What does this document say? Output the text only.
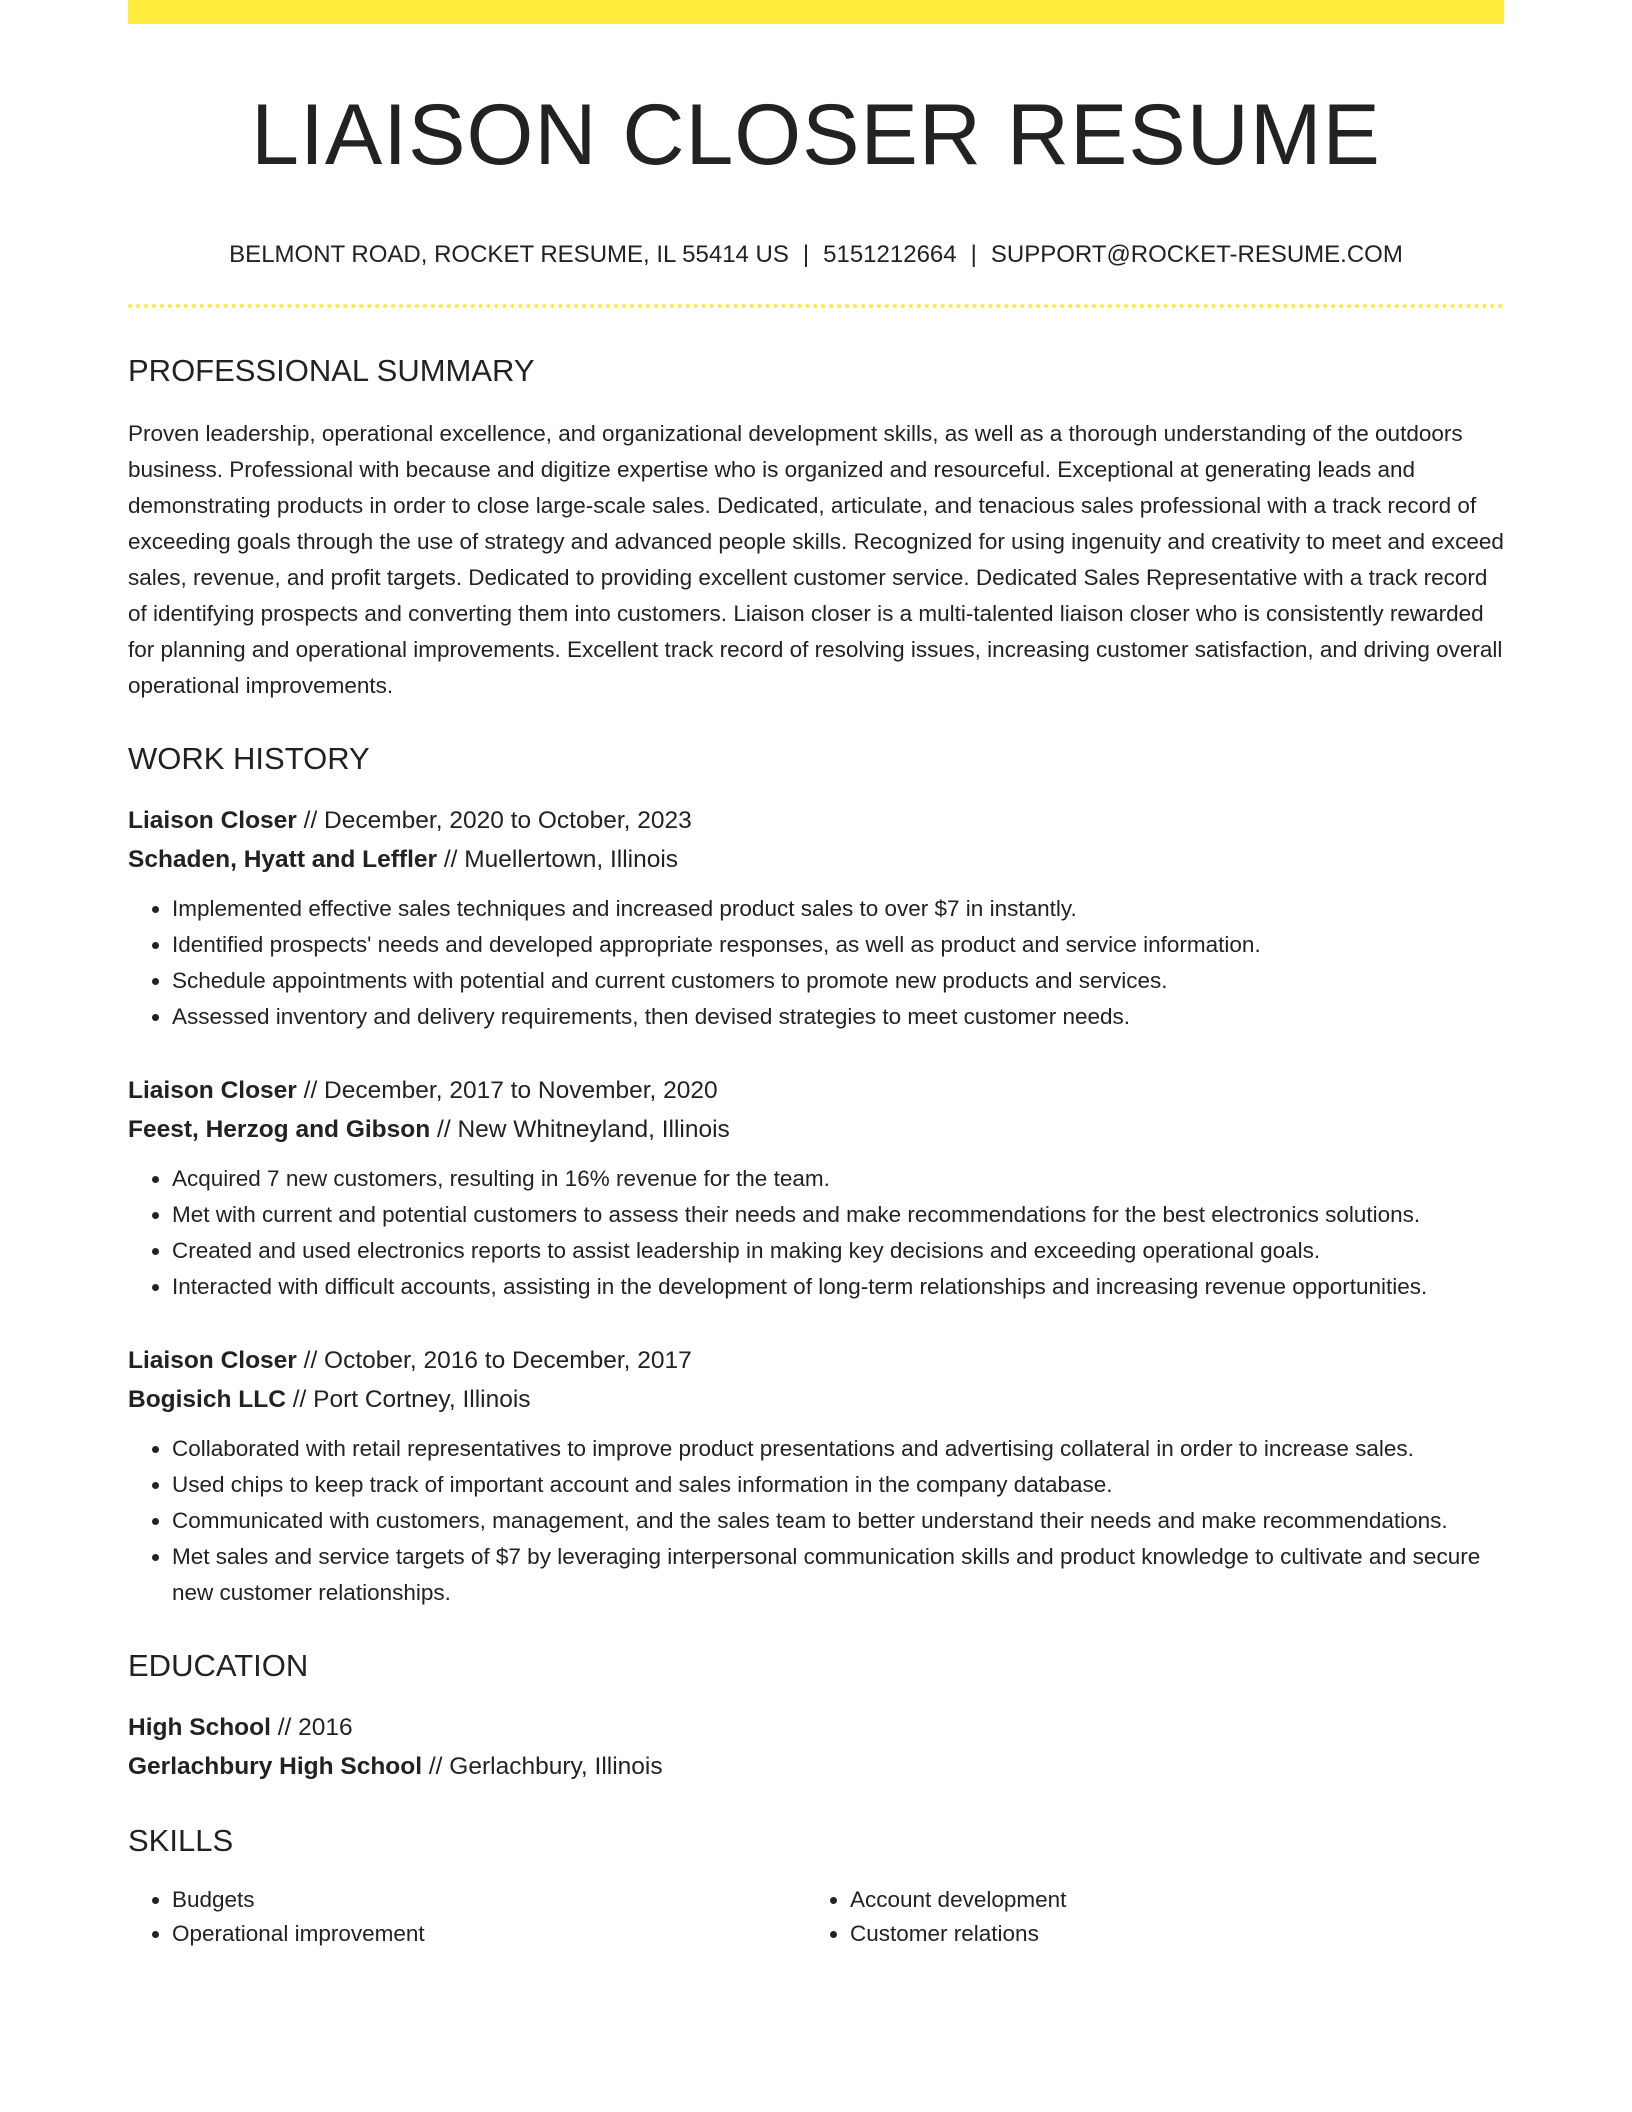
LIAISON CLOSER RESUME
BELMONT ROAD, ROCKET RESUME, IL 55414 US | 5151212664 | SUPPORT@ROCKET-RESUME.COM
PROFESSIONAL SUMMARY

Proven leadership, operational excellence, and organizational development skills, as well as a thorough understanding of the outdoors business. Professional with because and digitize expertise who is organized and resourceful. Exceptional at generating leads and demonstrating products in order to close large-scale sales. Dedicated, articulate, and tenacious sales professional with a track record of exceeding goals through the use of strategy and advanced people skills. Recognized for using ingenuity and creativity to meet and exceed sales, revenue, and profit targets. Dedicated to providing excellent customer service. Dedicated Sales Representative with a track record of identifying prospects and converting them into customers. Liaison closer is a multi-talented liaison closer who is consistently rewarded for planning and operational improvements. Excellent track record of resolving issues, increasing customer satisfaction, and driving overall operational improvements.

WORK HISTORY
Liaison Closer // December, 2020 to October, 2023
Schaden, Hyatt and Leffler // Muellertown, Illinois
• Implemented effective sales techniques and increased product sales to over $7 in instantly.
• Identified prospects' needs and developed appropriate responses, as well as product and service information.
• Schedule appointments with potential and current customers to promote new products and services.
• Assessed inventory and delivery requirements, then devised strategies to meet customer needs.
Liaison Closer // December, 2017 to November, 2020
Feest, Herzog and Gibson // New Whitneyland, Illinois
• Acquired 7 new customers, resulting in 16% revenue for the team.
• Met with current and potential customers to assess their needs and make recommendations for the best electronics solutions.
• Created and used electronics reports to assist leadership in making key decisions and exceeding operational goals.
• Interacted with difficult accounts, assisting in the development of long-term relationships and increasing revenue opportunities.
Liaison Closer // October, 2016 to December, 2017
Bogisich LLC // Port Cortney, Illinois
• Collaborated with retail representatives to improve product presentations and advertising collateral in order to increase sales.
• Used chips to keep track of important account and sales information in the company database.
• Communicated with customers, management, and the sales team to better understand their needs and make recommendations.
• Met sales and service targets of $7 by leveraging interpersonal communication skills and product knowledge to cultivate and secure new customer relationships.
EDUCATION
High School // 2016
Gerlachbury High School // Gerlachbury, Illinois
SKILLS
• Budgets
• Operational improvement
• Account development
• Customer relations
